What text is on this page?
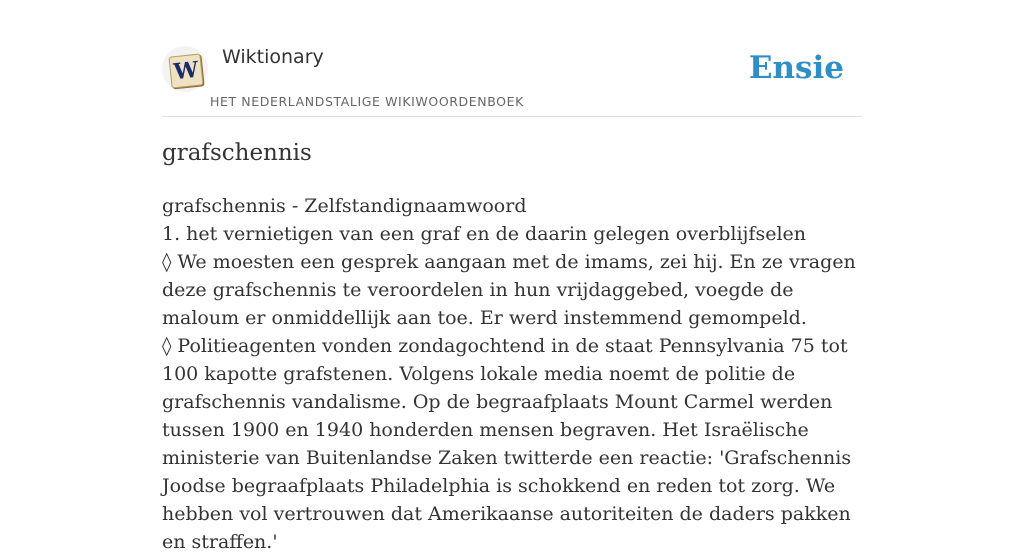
W Wiktionary
HET NEDERLANDSTALIGE WIKIWOORDENBOEK
Ensie
grafschennis

grafschennis - Zelfstandignaamwoord

1. het vernietigen van een graf en de daarin gelegen overblijfselen

◊ We moesten een gesprek aangaan met de imams, zei hij. En ze vragen deze grafschennis te veroordelen in hun vrijdaggebed, voegde de maloum er onmiddellijk aan toe. Er werd instemmend gemompeld.

◊ Politieagenten vonden zondagochtend in de staat Pennsylvania 75 tot 100 kapotte grafstenen. Volgens lokale media noemt de politie de grafschennis vandalisme. Op de begraafplaats Mount Carmel werden tussen 1900 en 1940 honderden mensen begraven. Het Israëlische ministerie van Buitenlandse Zaken twitterde een reactie: 'Grafschennis Joodse begraafplaats Philadelphia is schokkend en reden tot zorg. We hebben vol vertrouwen dat Amerikaanse autoriteiten de daders pakken en straffen.'
